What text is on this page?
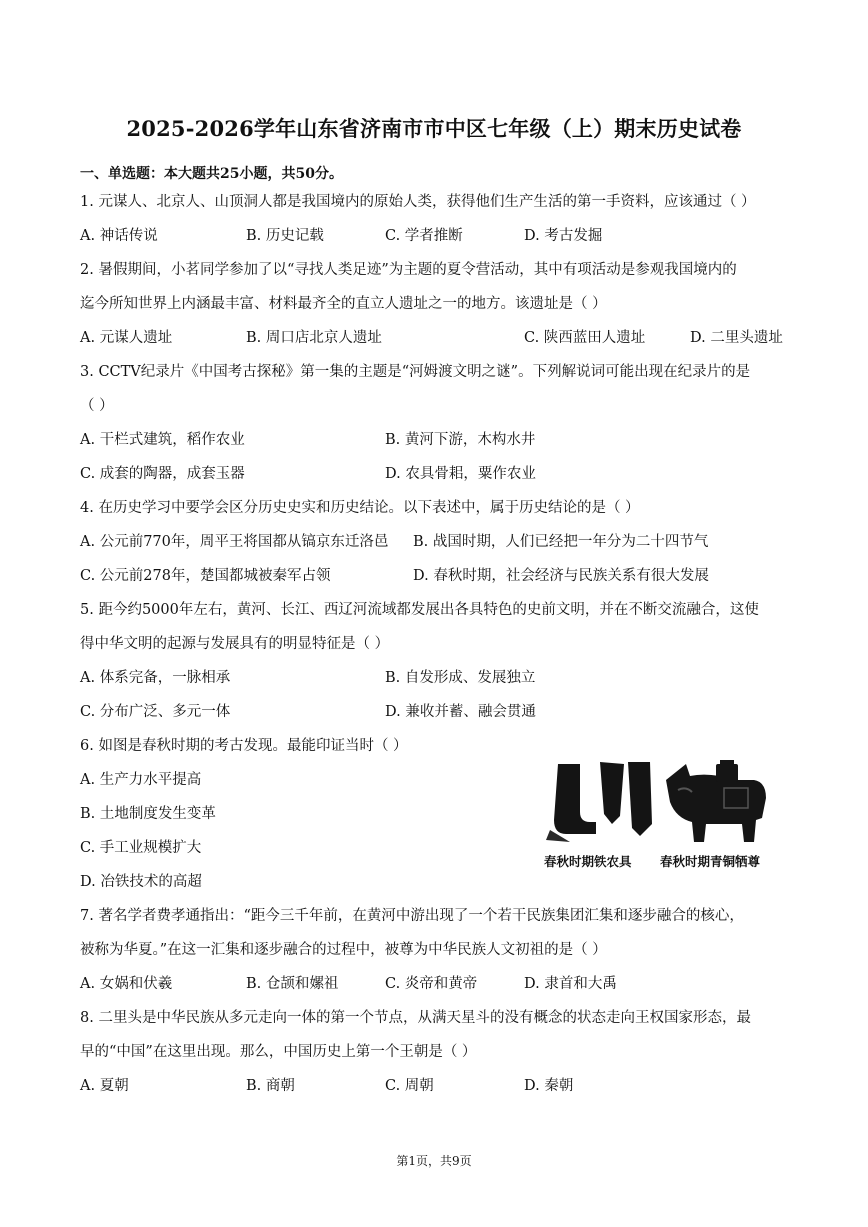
2025-2026学年山东省济南市市中区七年级（上）期末历史试卷
一、单选题：本大题共25小题，共50分。
1. 元谋人、北京人、山顶洞人都是我国境内的原始人类，获得他们生产生活的第一手资料，应该通过（ ）
A. 神话传说	B. 历史记载	C. 学者推断	D. 考古发掘
2. 暑假期间，小茗同学参加了以“寻找人类足迹”为主题的夏令营活动，其中有项活动是参观我国境内的
迄今所知世界上内涵最丰富、材料最齐全的直立人遗址之一的地方。该遗址是（ ）
A. 元谋人遗址	B. 周口店北京人遗址	C. 陕西蓝田人遗址	D. 二里头遗址
3. CCTV纪录片《中国考古探秘》第一集的主题是“河姆渡文明之谜”。下列解说词可能出现在纪录片的是
（ ）
A. 干栏式建筑，稻作农业	B. 黄河下游，木构水井
C. 成套的陶器，成套玉器	D. 农具骨耜，粟作农业
4. 在历史学习中要学会区分历史史实和历史结论。以下表述中，属于历史结论的是（ ）
A. 公元前770年，周平王将国都从镐京东迁洛邑 B. 战国时期，人们已经把一年分为二十四节气
C. 公元前278年，楚国都城被秦军占领	D. 春秋时期，社会经济与民族关系有很大发展
5. 距今约5000年左右，黄河、长江、西辽河流域都发展出各具特色的史前文明，并在不断交流融合，这使
得中华文明的起源与发展具有的明显特征是（ ）
A. 体系完备，一脉相承	B. 自发形成、发展独立
C. 分布广泛、多元一体	D. 兼收并蓄、融会贯通
6. 如图是春秋时期的考古发现。最能印证当时（ ）
A. 生产力水平提高
B. 土地制度发生变革
C. 手工业规模扩大
D. 冶铁技术的高超
春秋时期铁农具 春秋时期青铜牺尊
7. 著名学者费孝通指出：“距今三千年前，在黄河中游出现了一个若干民族集团汇集和逐步融合的核心，
被称为华夏。”在这一汇集和逐步融合的过程中，被尊为中华民族人文初祖的是（ ）
A. 女娲和伏羲	B. 仓颉和嫘祖	C. 炎帝和黄帝	D. 隶首和大禹
8. 二里头是中华民族从多元走向一体的第一个节点，从满天星斗的没有概念的状态走向王权国家形态，最
早的“中国”在这里出现。那么，中国历史上第一个王朝是（ ）
A. 夏朝	B. 商朝	C. 周朝	D. 秦朝
第1页，共9页
